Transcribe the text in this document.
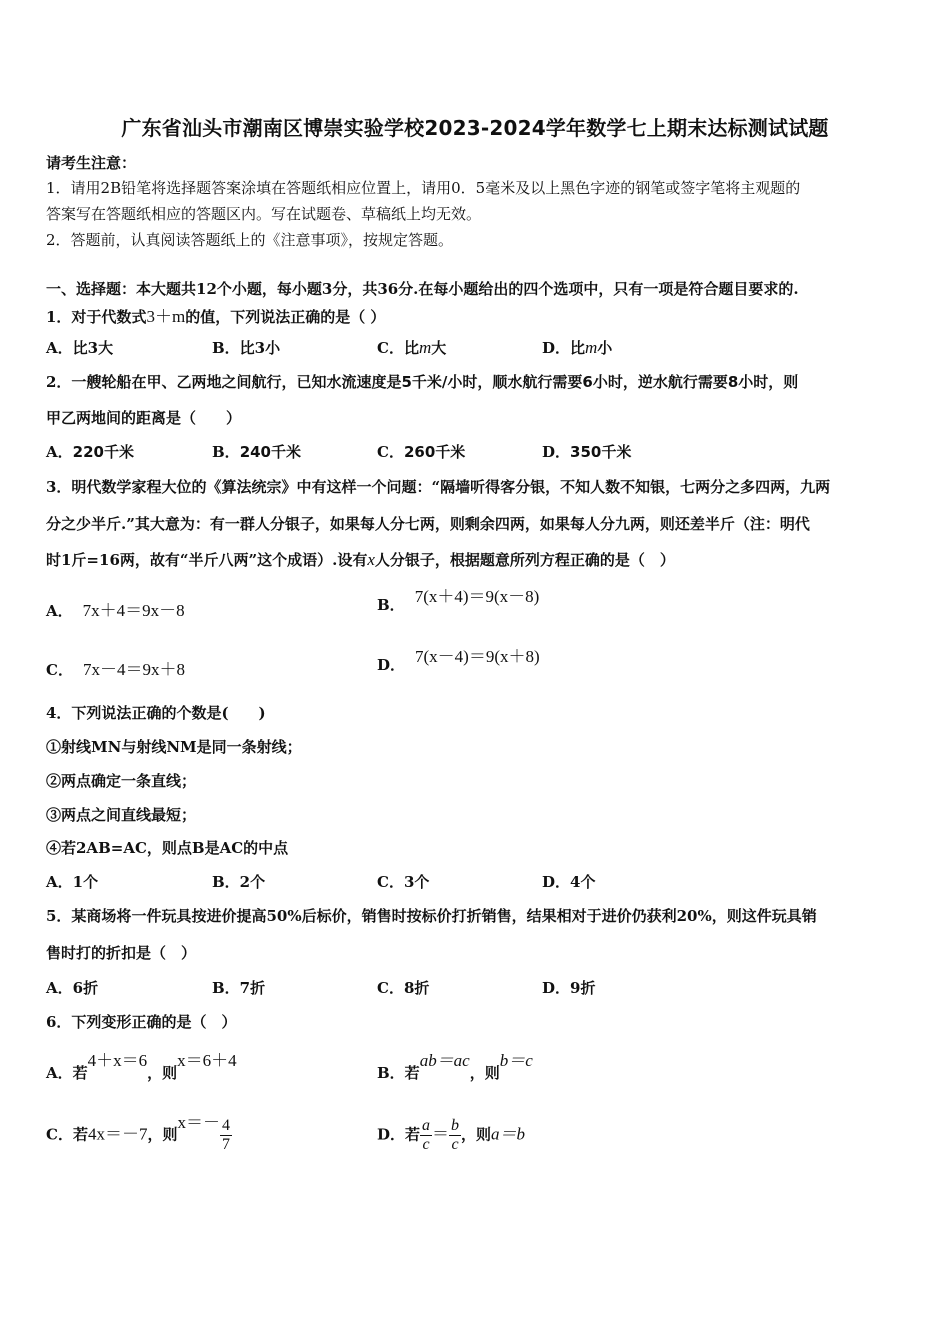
广东省汕头市潮南区博崇实验学校2023-2024学年数学七上期末达标测试试题
请考生注意：
1．请用2B铅笔将选择题答案涂填在答题纸相应位置上，请用0．5毫米及以上黑色字迹的钢笔或签字笔将主观题的
答案写在答题纸相应的答题区内。写在试题卷、草稿纸上均无效。
2．答题前，认真阅读答题纸上的《注意事项》，按规定答题。
一、选择题：本大题共12个小题，每小题3分，共36分.在每小题给出的四个选项中，只有一项是符合题目要求的.
1．对于代数式3＋m的值，下列说法正确的是（ ）
A．比3大	B．比3小	C．比m大	D．比m小
2．一艘轮船在甲、乙两地之间航行，已知水流速度是5千米/小时，顺水航行需要6小时，逆水航行需要8小时，则
甲乙两地间的距离是（　　）
A．220千米	B．240千米	C．260千米	D．350千米
3．明代数学家程大位的《算法统宗》中有这样一个问题：“隔墙听得客分银，不知人数不知银，七两分之多四两，九两
分之少半斤.”其大意为：有一群人分银子，如果每人分七两，则剩余四两，如果每人分九两，则还差半斤（注：明代
时1斤=16两，故有“半斤八两”这个成语）.设有x人分银子，根据题意所列方程正确的是（　）
A． 7x＋4＝9x－8	B． 7(x＋4)＝9(x－8)
C． 7x－4＝9x＋8	D． 7(x－4)＝9(x＋8)
4．下列说法正确的个数是(　　)
①射线MN与射线NM是同一条射线；
②两点确定一条直线；
③两点之间直线最短；
④若2AB=AC，则点B是AC的中点
A．1个	B．2个	C．3个	D．4个
5．某商场将一件玩具按进价提高50%后标价，销售时按标价打折销售，结果相对于进价仍获利20%，则这件玩具销
售时打的折扣是（　）
A．6折	B．7折	C．8折	D．9折
6．下列变形正确的是（　）
A．若4＋x＝6，则x＝6＋4
B．若ab＝ac，则b＝c
C．若4x＝－7，则$x=- \frac{4}{7}$	D．若 $\frac{a}{c} = \frac{b}{c}$ ，则a＝b
